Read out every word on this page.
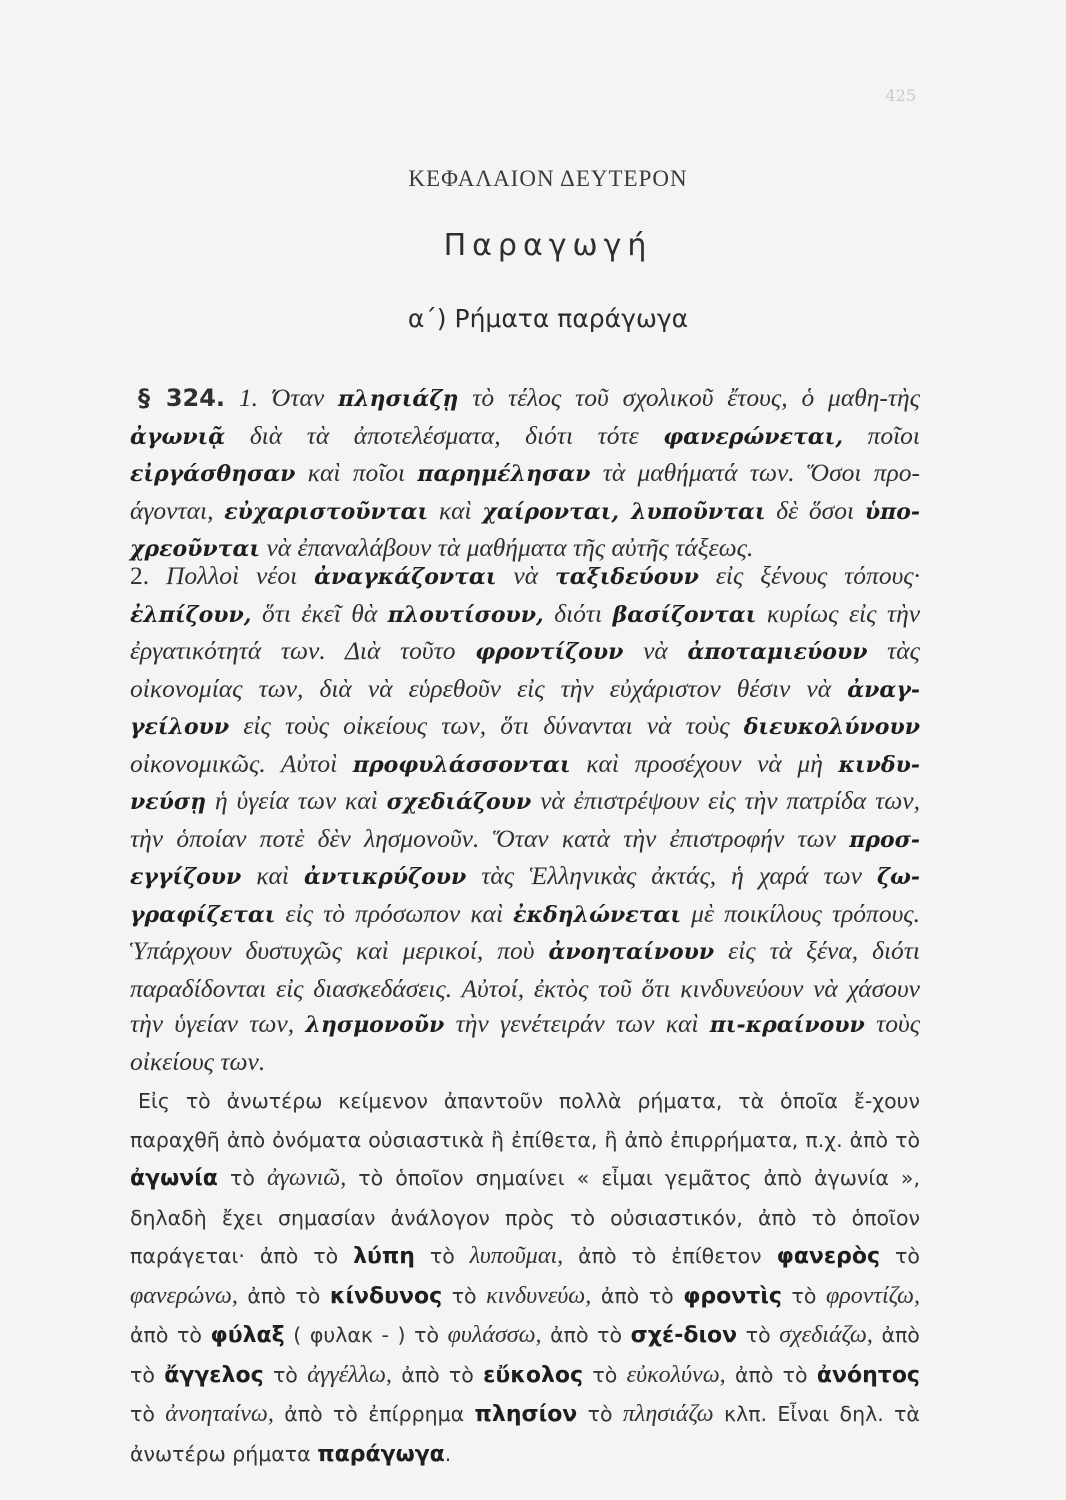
425
ΚΕΦΑΛΑΙΟΝ ΔΕΥΤΕΡΟΝ
Παραγωγή
α΄) Ρήματα παράγωγα

§ 324. 1. Όταν πλησιάζῃ τὸ τέλος τοῦ σχολικοῦ ἔτους, ὁ μαθη-τὴς ἀγωνιᾷ διὰ τὰ ἀποτελέσματα, διότι τότε φανερώνεται, ποῖοι εἰργάσθησαν καὶ ποῖοι παρημέλησαν τὰ μαθήματά των. Ὅσοι προ-άγονται, εὐχαριστοῦνται καὶ χαίρονται, λυποῦνται δὲ ὅσοι ὑπο-χρεοῦνται νὰ ἐπαναλάβουν τὰ μαθήματα τῆς αὐτῆς τάξεως.

2. Πολλοὶ νέοι ἀναγκάζονται νὰ ταξιδεύουν εἰς ξένους τόπους· ἐλπίζουν, ὅτι ἐκεῖ θὰ πλουτίσουν, διότι βασίζονται κυρίως εἰς τὴν ἐργατικότητά των. Διὰ τοῦτο φροντίζουν νὰ ἀποταμιεύουν τὰς οἰκονομίας των, διὰ νὰ εὑρεθοῦν εἰς τὴν εὐχάριστον θέσιν νὰ ἀναγ-γείλουν εἰς τοὺς οἰκείους των, ὅτι δύνανται νὰ τοὺς διευκολύνουν οἰκονομικῶς. Αὐτοὶ προφυλάσσονται καὶ προσέχουν νὰ μὴ κινδυ-νεύσῃ ἡ ὑγεία των καὶ σχεδιάζουν νὰ ἐπιστρέψουν εἰς τὴν πατρίδα των, τὴν ὁποίαν ποτὲ δὲν λησμονοῦν. Ὅταν κατὰ τὴν ἐπιστροφήν των προσ-εγγίζουν καὶ ἀντικρύζουν τὰς Ἑλληνικὰς ἀκτάς, ἡ χαρά των ζω-γραφίζεται εἰς τὸ πρόσωπον καὶ ἐκδηλώνεται μὲ ποικίλους τρόπους. Ὑπάρχουν δυστυχῶς καὶ μερικοί, ποὺ ἀνοηταίνουν εἰς τὰ ξένα, διότι παραδίδονται εἰς διασκεδάσεις. Αὐτοί, ἐκτὸς τοῦ ὅτι κινδυνεύουν νὰ χάσουν τὴν ὑγείαν των, λησμονοῦν τὴν γενέτειράν των καὶ πι-κραίνουν τοὺς οἰκείους των.

Εἰς τὸ ἀνωτέρω κείμενον ἀπαντοῦν πολλὰ ρήματα, τὰ ὁποῖα ἔ-χουν παραχθῆ ἀπὸ ὀνόματα οὐσιαστικὰ ἢ ἐπίθετα, ἢ ἀπὸ ἐπιρρήματα, π.χ. ἀπὸ τὸ ἀγωνία τὸ ἀγωνιῶ, τὸ ὁποῖον σημαίνει « εἶμαι γεμᾶτος ἀπὸ ἀγωνία », δηλαδὴ ἔχει σημασίαν ἀνάλογον πρὸς τὸ οὐσιαστικόν, ἀπὸ τὸ ὁποῖον παράγεται· ἀπὸ τὸ λύπη τὸ λυποῦμαι, ἀπὸ τὸ ἐπίθετον φανερὸς τὸ φανερώνω, ἀπὸ τὸ κίνδυνος τὸ κινδυνεύω, ἀπὸ τὸ φροντὶς τὸ φροντίζω, ἀπὸ τὸ φύλαξ ( φυλακ - ) τὸ φυλάσσω, ἀπὸ τὸ σχέ-διον τὸ σχεδιάζω, ἀπὸ τὸ ἄγγελος τὸ ἀγγέλλω, ἀπὸ τὸ εὔκολος τὸ εὐκολύνω, ἀπὸ τὸ ἀνόητος τὸ ἀνοηταίνω, ἀπὸ τὸ ἐπίρρημα πλησίον τὸ πλησιάζω κλπ. Εἶναι δηλ. τὰ ἀνωτέρω ρήματα παράγωγα.
